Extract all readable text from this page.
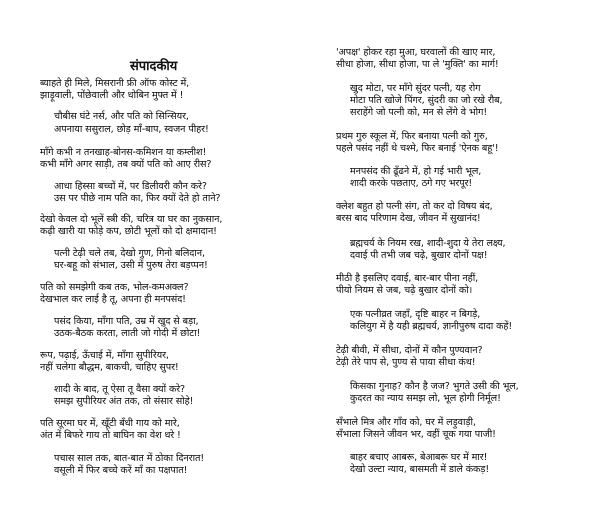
संपादकीय
ब्याहते ही मिले, मिसरानी फ्री ऑफ कोस्ट में,
झाड़ूवाली, पोंछेवाली और धोबिन मुफ्त में !
चौबीस घंटे नर्स, और पति को सिन्सियर,
अपनाया ससुराल, छोड़ माँ-बाप, स्वजन पीहर!
माँगे कभी न तनखाह-बोनस-कमिशन या कम्लीश!
कभी माँगे अगर साड़ी, तब क्यों पति को आए रीस?
आधा हिस्सा बच्चों में, पर डिलीवरी कौन करे?
उस पर पीछे नाम पति का, फिर क्यों देते हो ताने?
देखो केवल दो भूलें स्त्री की, चरित्र या घर का नुकसान,
कढ़ी खारी या फोड़े कप, छोटी भूलों को दो क्षमादान!
पत्नी टेढ़ी चले तब, देखो गुण, गिनो बलिदान,
घर-बहू को संभाल, उसी में पुरुष तेरा बड़प्पन!
पति को समझेगी कब तक, भोल-कमअक्ल?
देखभाल कर लाई है तू, अपना ही मनपसंद!
पसंद किया, माँगा पति, उम्र में खुद से बड़ा,
उठक-बैठक करता, लाती जो गोदी में छोटा!
रूप, पढ़ाई, ऊँचाई में, माँगा सुपीरियर,
नहीं चलेगा बौद्धम, बाकची, चाहिए सुपर!
शादी के बाद, तू ऐसा तू वैसा क्यों करे?
समझ सुपीरियर अंत तक, तो संसार सोहे!
पति सूरमा घर में, खूँटी बँधी गाय को मारे,
अंत में बिफरे गाय तो बाघिन का वेश धरे !
पचास साल तक, बात-बात में ठोका दिनरात!
वसूली में फिर बच्चे करें माँ का पक्षपात!
'अपक्ष' होकर रहा मुआ, घरवालों की खाए मार,
सीधा होजा, सीधा होजा, पा ले 'मुक्ति' का मार्ग!
खुद मोटा, पर माँगे सुंदर पत्नी, यह रोग
मोटा पति खोजे पिंगर, सुंदरी का जो रखे रौब,
सराहेंगे जो पत्नी को, मन से लेंगे वे भोग!
प्रथम गुरु स्कूल में, फिर बनाया पत्नी को गुरु,
पहले पसंद नहीं थे चश्मे, फिर बनाई 'ऐनक बहू'!
मनपसंद की ढूँढने में, हो गई भारी भूल,
शादी करके पछताए, ठगे गए भरपूर!
क्लेश बहुत हो पत्नी संग, तो कर दो विषय बंद,
बरस बाद परिणाम देख, जीवन में सुखानंद!
ब्रह्मचर्य के नियम रख, शादी-शुदा ये तेरा लक्ष्य,
दवाई पी तभी जब चढ़े, बुखार दोनों पक्ष!
मीठी है इसलिए दवाई, बार-बार पीना नहीं,
पीयो नियम से जब, चढ़े बुखार दोनों को।
एक पत्नीव्रत जहाँ, दृष्टि बाहर न बिगड़े,
कलियुग में है यही ब्रह्मचर्य, ज्ञानीपुरुष दादा कहें!
टेढ़ी बीवी, में सीधा, दोनों में कौन पुण्यवान?
टेढ़ी तेरे पाप से, पुण्य से पाया सीधा कंथ!
किसका गुनाह? कौन है जज? भुगते उसी की भूल,
कुदरत का न्याय समझ लो, भूल होगी निर्मूल!
सँभाले मित्र और गाँव को, घर में लड़ुवाड़ी,
सँभाला जिसने जीवन भर, वहीं चूक गया पाजी!
बाहर बचाए आबरू, बेआबरू घर में मार!
देखो उल्टा न्याय, बासमती में डाले कंकड़!
